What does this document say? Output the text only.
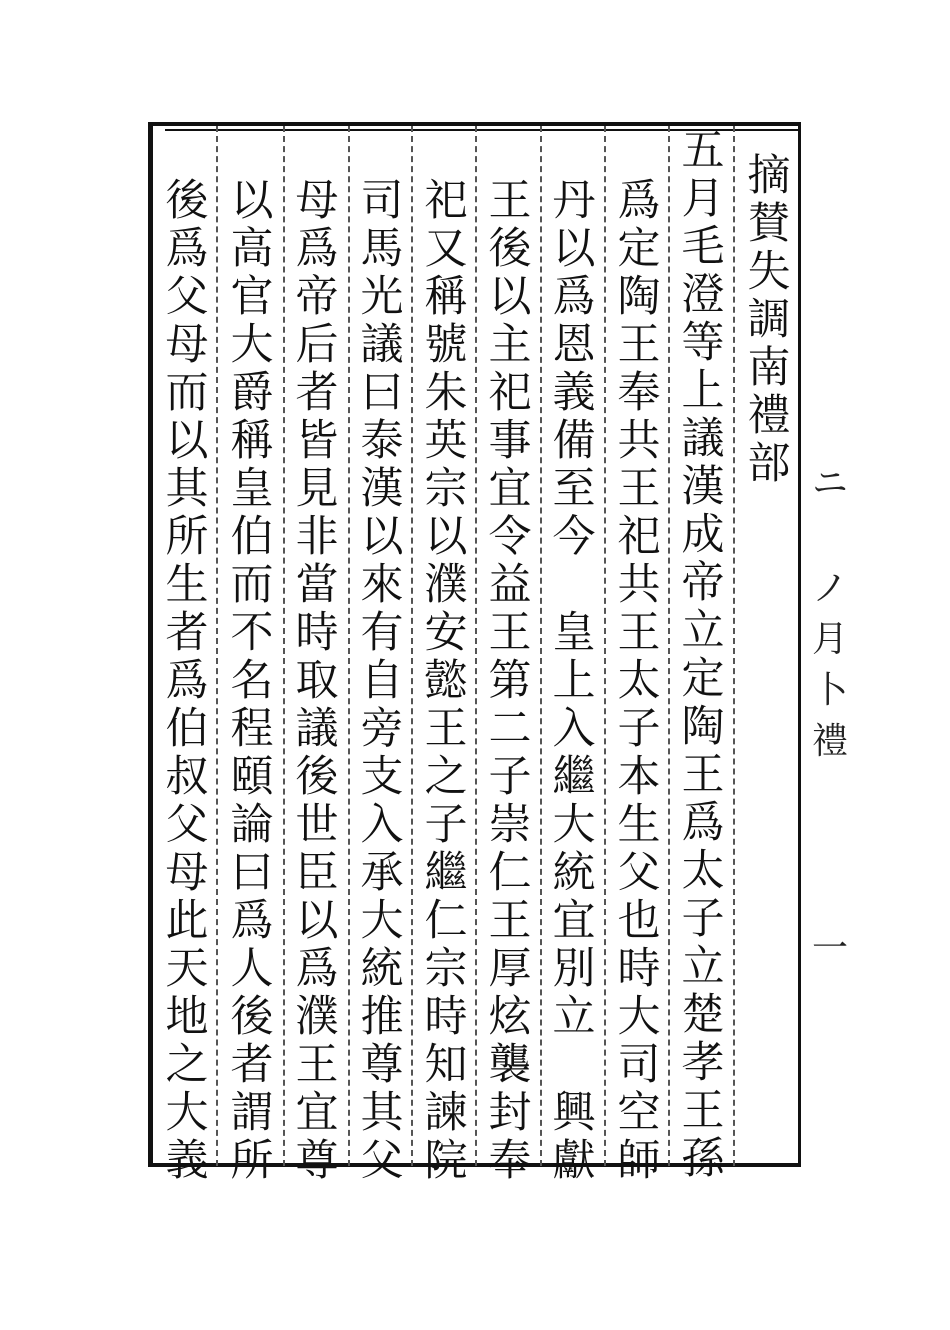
摘
賛
失
調
南
禮
部
五
月
毛
澄
等
上
議
漢
成
帝
立
定
陶
王
爲
太
子
立
楚
孝
王
孫
爲
定
陶
王
奉
共
王
祀
共
王
太
子
本
生
父
也
時
大
司
空
師
丹
以
爲
恩
義
備
至
今

皇
上
入
繼
大
統
宜
別
立

興
獻
王
後
以
主
祀
事
宜
令
益
王
第
二
子
崇
仁
王
厚
炫
襲
封
奉
祀
又
稱
號
朱
英
宗
以
濮
安
懿
王
之
子
繼
仁
宗
時
知
諫
院
司
馬
光
議
曰
泰
漢
以
來
有
自
旁
支
入
承
大
統
推
尊
其
父
母
爲
帝
后
者
皆
見
非
當
時
取
議
後
世
臣
以
爲
濮
王
宜
尊
以
高
官
大
爵
稱
皇
伯
而
不
名
程
頤
論
曰
爲
人
後
者
謂
所
後
爲
父
母
而
以
其
所
生
者
爲
伯
叔
父
母
此
天
地
之
大
義
ニ
ノ
月
卜
禮
一
